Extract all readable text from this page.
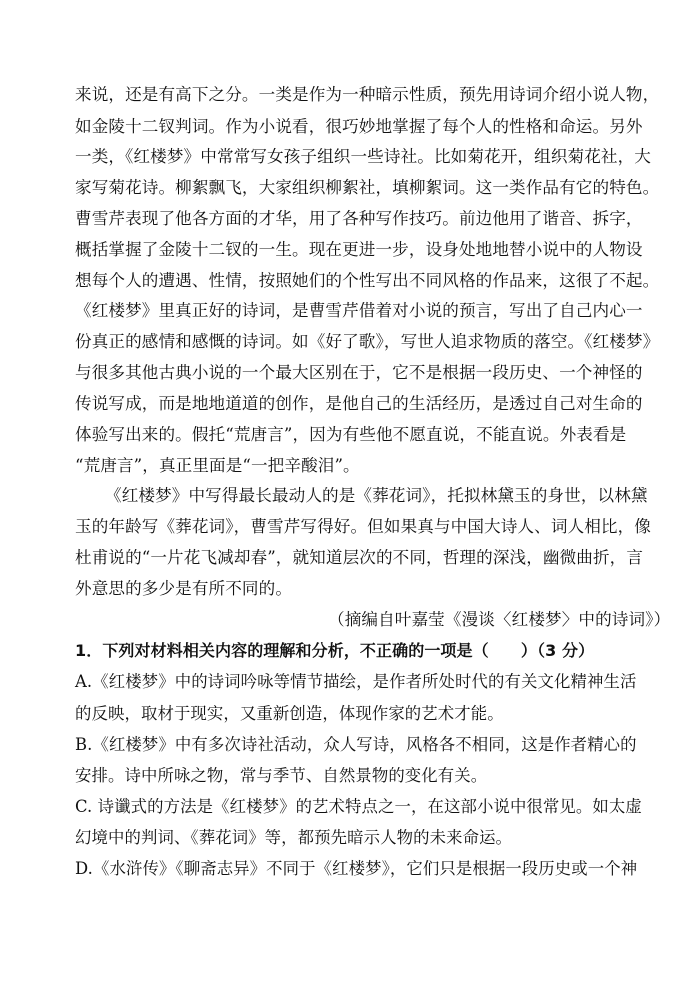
来说，还是有高下之分。一类是作为一种暗示性质，预先用诗词介绍小说人物，
如金陵十二钗判词。作为小说看，很巧妙地掌握了每个人的性格和命运。另外
一类，《红楼梦》中常常写女孩子组织一些诗社。比如菊花开，组织菊花社，大
家写菊花诗。柳絮飘飞，大家组织柳絮社，填柳絮词。这一类作品有它的特色。
曹雪芹表现了他各方面的才华，用了各种写作技巧。前边他用了谐音、拆字，
概括掌握了金陵十二钗的一生。现在更进一步，设身处地地替小说中的人物设
想每个人的遭遇、性情，按照她们的个性写出不同风格的作品来，这很了不起。
《红楼梦》里真正好的诗词，是曹雪芹借着对小说的预言，写出了自己内心一
份真正的感情和感慨的诗词。如《好了歌》，写世人追求物质的落空。《红楼梦》
与很多其他古典小说的一个最大区别在于，它不是根据一段历史、一个神怪的
传说写成，而是地地道道的创作，是他自己的生活经历，是透过自己对生命的
体验写出来的。假托“荒唐言”，因为有些他不愿直说，不能直说。外表看是
“荒唐言”，真正里面是“一把辛酸泪”。
《红楼梦》中写得最长最动人的是《葬花词》，托拟林黛玉的身世，以林黛
玉的年龄写《葬花词》，曹雪芹写得好。但如果真与中国大诗人、词人相比，像
杜甫说的“一片花飞减却春”，就知道层次的不同，哲理的深浅，幽微曲折，言
外意思的多少是有所不同的。
（摘编自叶嘉莹《漫谈〈红楼梦〉中的诗词》）
1．下列对材料相关内容的理解和分析，不正确的一项是（　　）（3 分）
A.《红楼梦》中的诗词吟咏等情节描绘，是作者所处时代的有关文化精神生活
的反映，取材于现实，又重新创造，体现作家的艺术才能。
B.《红楼梦》中有多次诗社活动，众人写诗，风格各不相同，这是作者精心的
安排。诗中所咏之物，常与季节、自然景物的变化有关。
C. 诗谶式的方法是《红楼梦》的艺术特点之一，在这部小说中很常见。如太虚
幻境中的判词、《葬花词》等，都预先暗示人物的未来命运。
D.《水浒传》《聊斋志异》不同于《红楼梦》，它们只是根据一段历史或一个神
